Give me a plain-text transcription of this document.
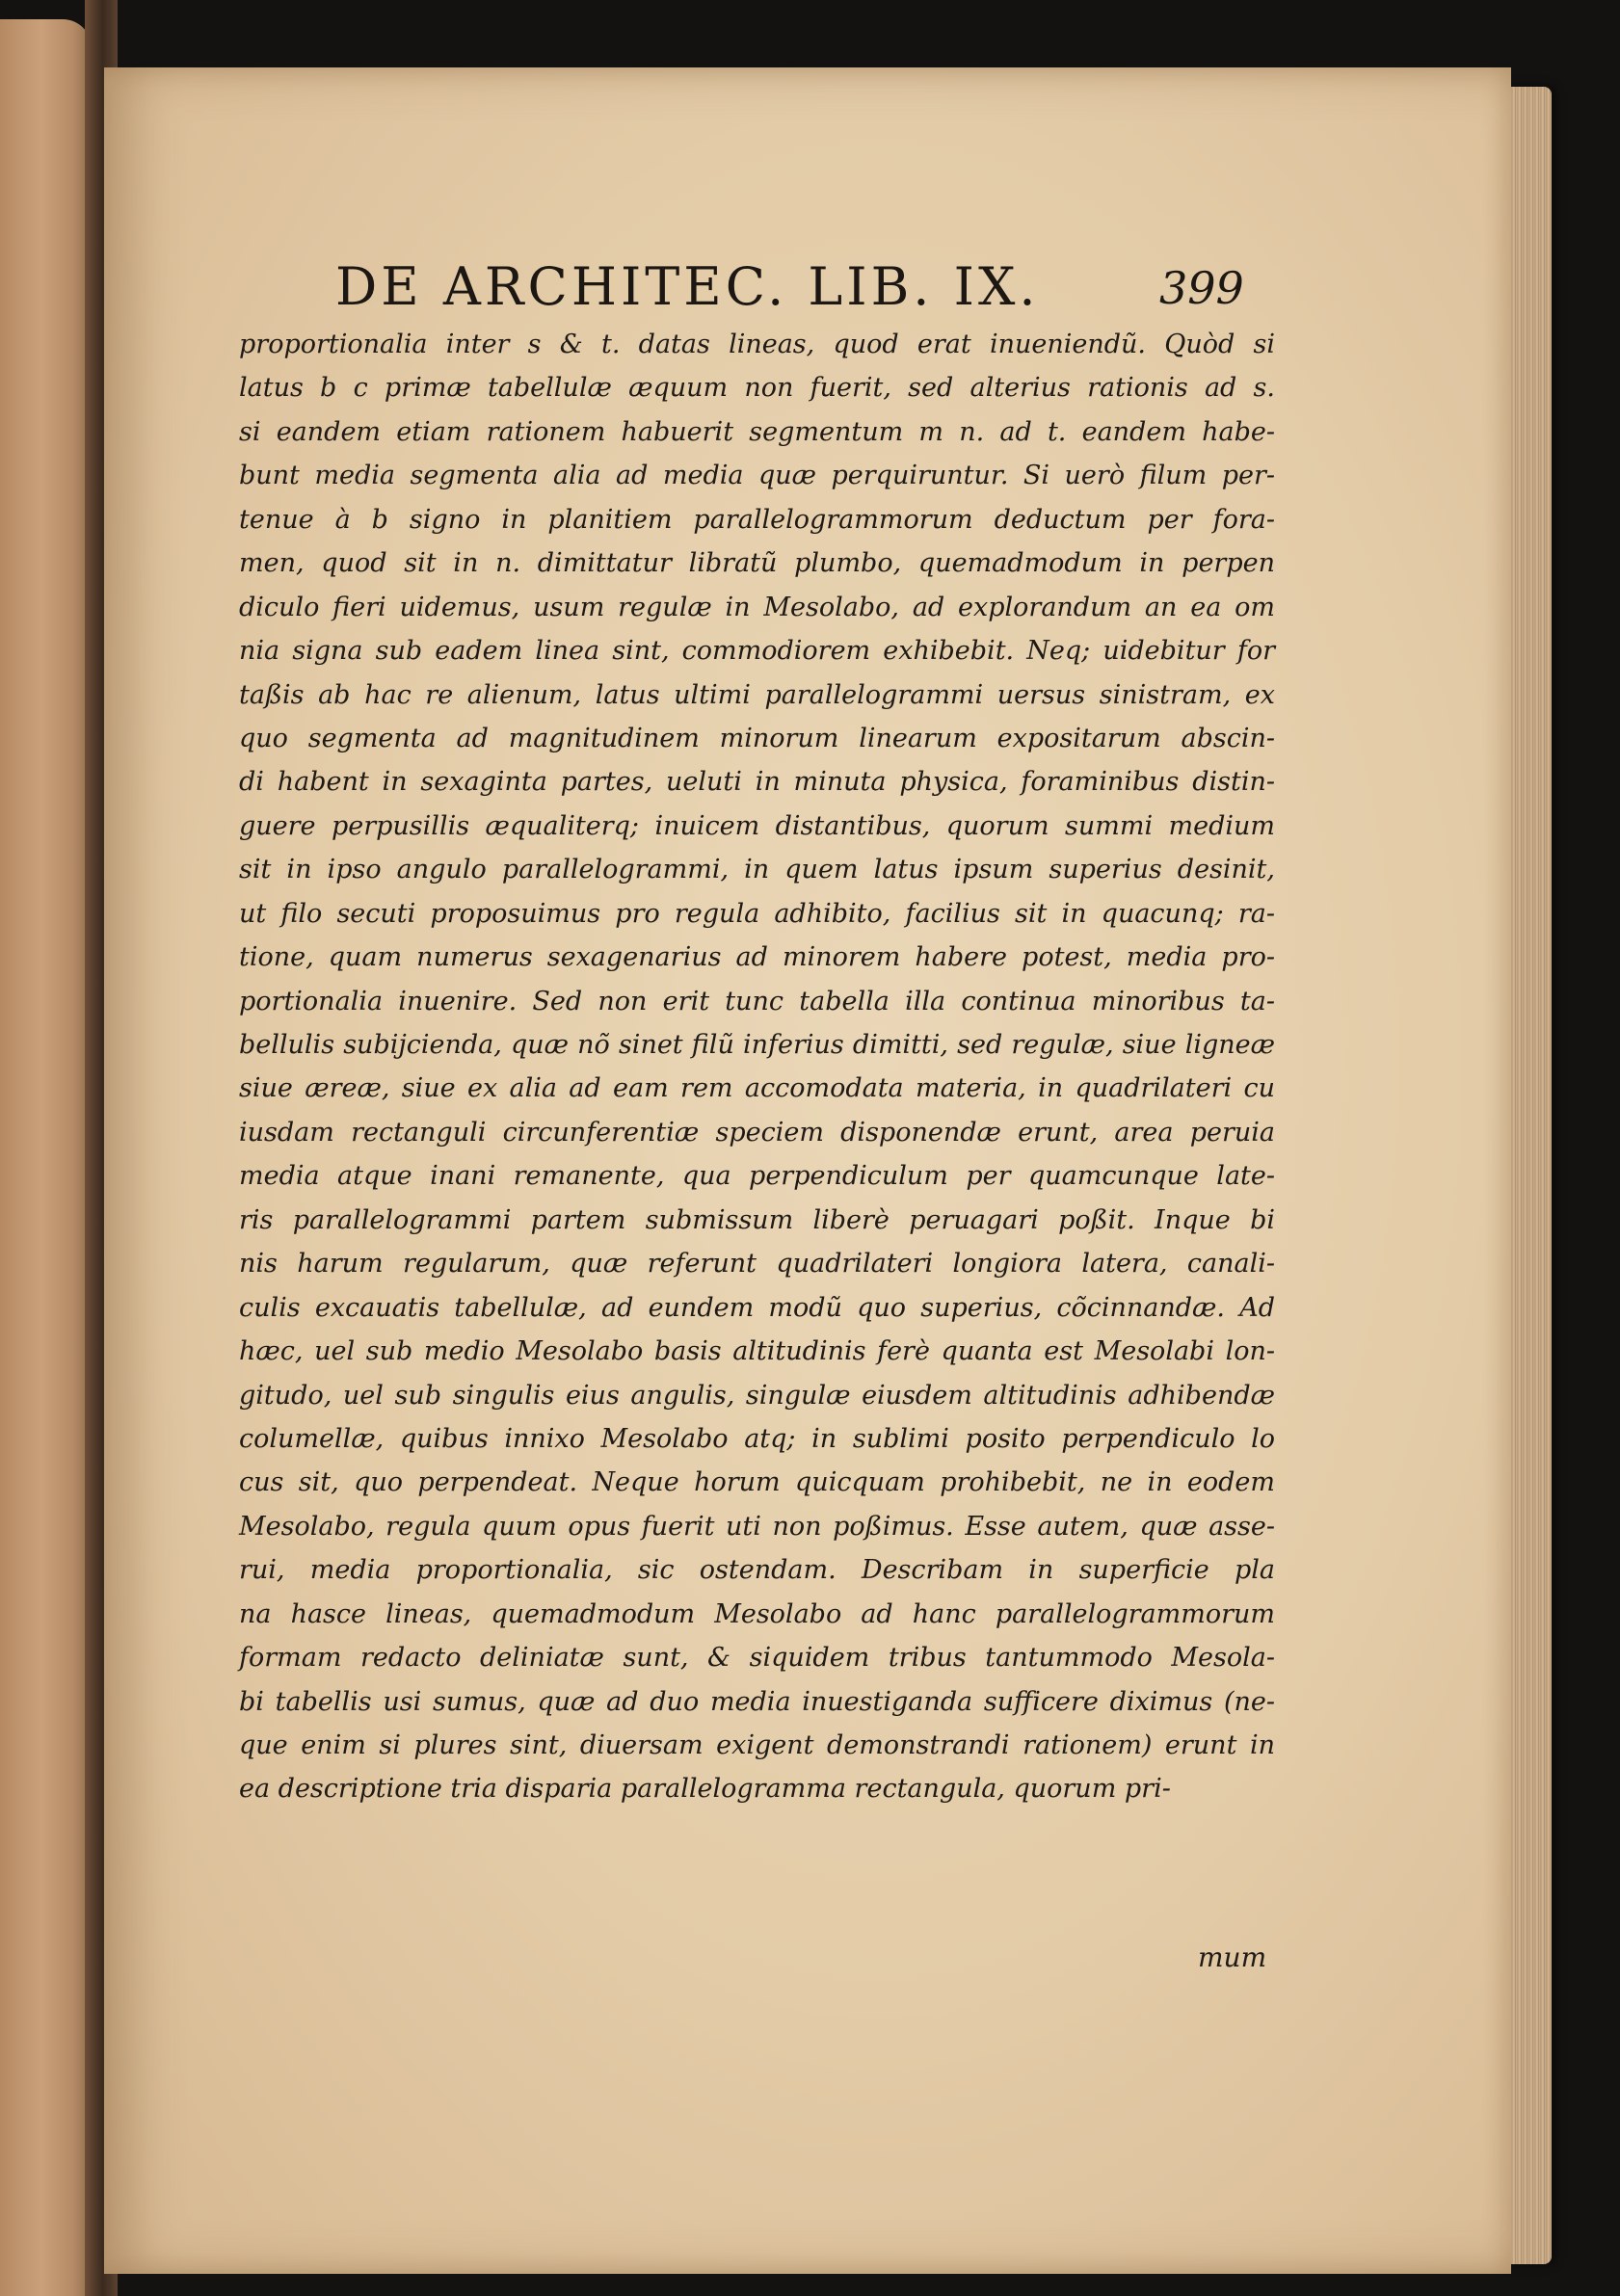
DE ARCHITEC. LIB. IX.	399
proportionalia inter s & t. datas lineas, quod erat inueniendũ. Quòd si
latus b c primæ tabellulæ æquum non fuerit, sed alterius rationis ad s.
si eandem etiam rationem habuerit segmentum m n. ad t. eandem habe-
bunt media segmenta alia ad media quæ perquiruntur. Si uerò filum per-
tenue à b signo in planitiem parallelogrammorum deductum per fora-
men, quod sit in n. dimittatur libratũ plumbo, quemadmodum in perpen
diculo fieri uidemus, usum regulæ in Mesolabo, ad explorandum an ea om
nia signa sub eadem linea sint, commodiorem exhibebit. Neq; uidebitur for
taßis ab hac re alienum, latus ultimi parallelogrammi uersus sinistram, ex
quo segmenta ad magnitudinem minorum linearum expositarum abscin-
di habent in sexaginta partes, ueluti in minuta physica, foraminibus distin-
guere perpusillis æqualiterq; inuicem distantibus, quorum summi medium
sit in ipso angulo parallelogrammi, in quem latus ipsum superius desinit,
ut filo secuti proposuimus pro regula adhibito, facilius sit in quacunq; ra-
tione, quam numerus sexagenarius ad minorem habere potest, media pro-
portionalia inuenire. Sed non erit tunc tabella illa continua minoribus ta-
bellulis subijcienda, quæ nõ sinet filũ inferius dimitti, sed regulæ, siue ligneæ
siue æreæ, siue ex alia ad eam rem accomodata materia, in quadrilateri cu
iusdam rectanguli circunferentiæ speciem disponendæ erunt, area peruia
media atque inani remanente, qua perpendiculum per quamcunque late-
ris parallelogrammi partem submissum liberè peruagari poßit. Inque bi
nis harum regularum, quæ referunt quadrilateri longiora latera, canali-
culis excauatis tabellulæ, ad eundem modũ quo superius, cõcinnandæ. Ad
hæc, uel sub medio Mesolabo basis altitudinis ferè quanta est Mesolabi lon-
gitudo, uel sub singulis eius angulis, singulæ eiusdem altitudinis adhibendæ
columellæ, quibus innixo Mesolabo atq; in sublimi posito perpendiculo lo
cus sit, quo perpendeat. Neque horum quicquam prohibebit, ne in eodem
Mesolabo, regula quum opus fuerit uti non poßimus. Esse autem, quæ asse-
rui, media proportionalia, sic ostendam. Describam in superficie pla
na hasce lineas, quemadmodum Mesolabo ad hanc parallelogrammorum
formam redacto deliniatæ sunt, & siquidem tribus tantummodo Mesola-
bi tabellis usi sumus, quæ ad duo media inuestiganda sufficere diximus (ne-
que enim si plures sint, diuersam exigent demonstrandi rationem) erunt in
ea descriptione tria disparia parallelogramma rectangula, quorum pri-
mum
